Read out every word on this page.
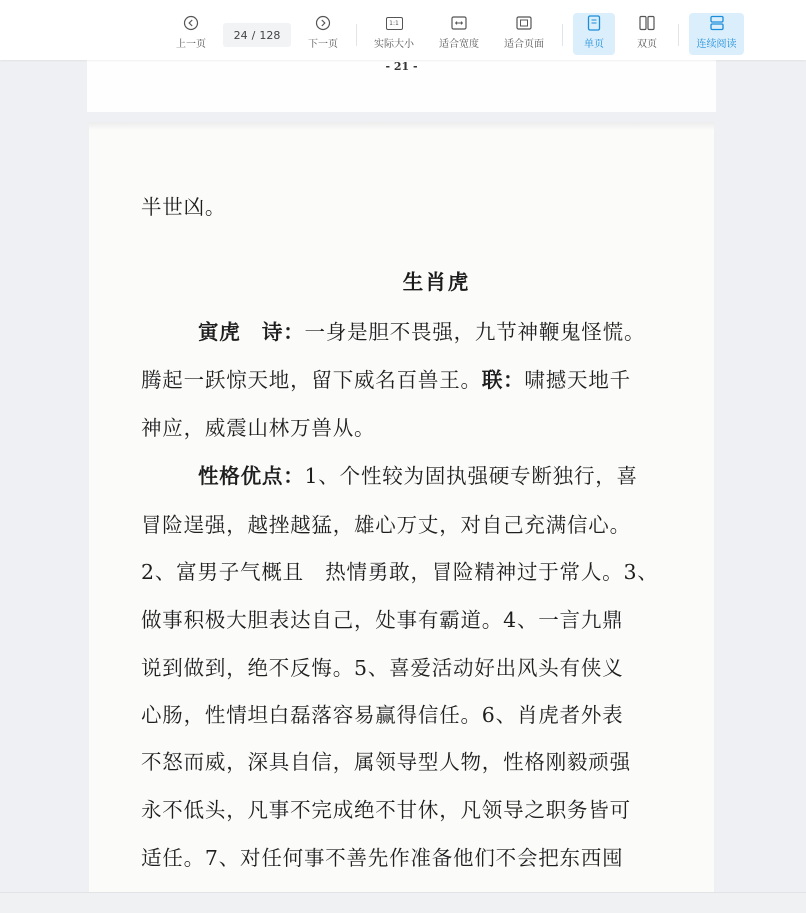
上一页
24 / 128
下一页
1:1
实际大小	适合宽度	适合页面	单页	双页	连续阅读
- 21 -
半世凶。
生肖虎
寅虎　诗：一身是胆不畏强，九节神鞭鬼怪慌。
腾起一跃惊天地，留下威名百兽王。联：啸撼天地千
神应，威震山林万兽从。
性格优点：1、个性较为固执强硬专断独行，喜
冒险逞强，越挫越猛，雄心万丈，对自己充满信心。
2、富男子气概且　热情勇敢，冒险精神过于常人。3、
做事积极大胆表达自己，处事有霸道。4、一言九鼎
说到做到，绝不反悔。5、喜爱活动好出风头有侠义
心肠，性情坦白磊落容易赢得信任。6、肖虎者外表
不怒而威，深具自信，属领导型人物，性格刚毅顽强
永不低头，凡事不完成绝不甘休，凡领导之职务皆可
适任。7、对任何事不善先作准备他们不会把东西囤
